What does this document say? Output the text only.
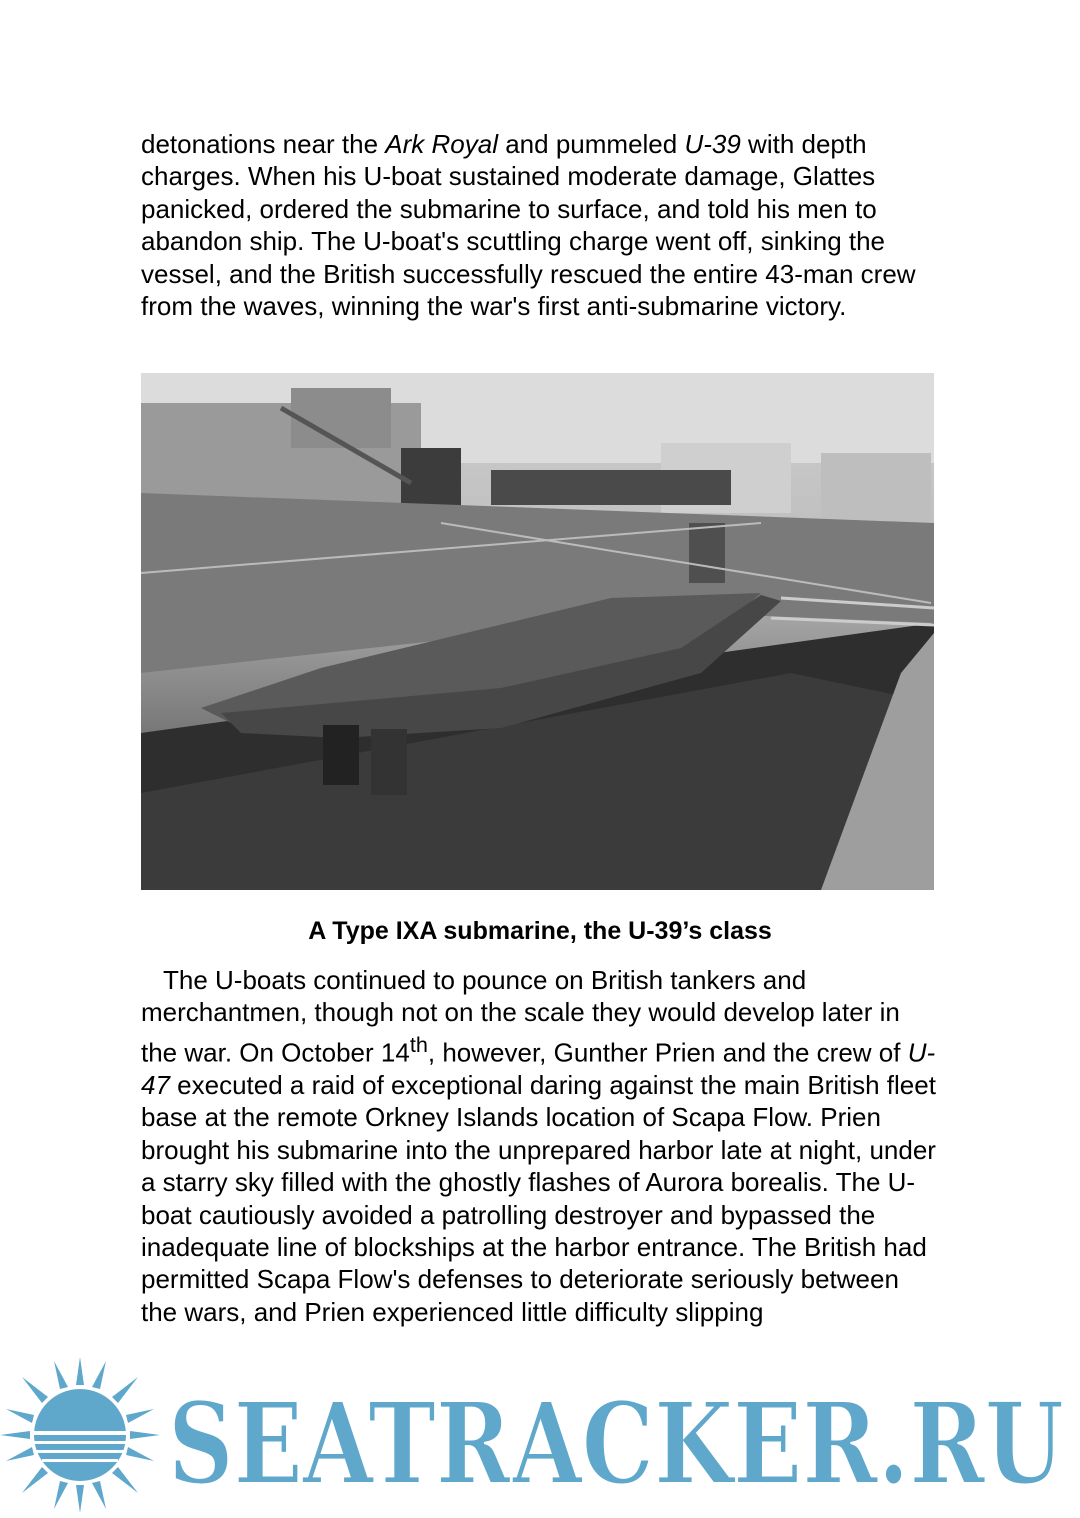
detonations near the Ark Royal and pummeled U-39 with depth charges. When his U-boat sustained moderate damage, Glattes panicked, ordered the submarine to surface, and told his men to abandon ship. The U-boat's scuttling charge went off, sinking the vessel, and the British successfully rescued the entire 43-man crew from the waves, winning the war's first anti-submarine victory.

A Type IXA submarine, the U-39’s class

The U-boats continued to pounce on British tankers and merchantmen, though not on the scale they would develop later in the war. On October 14th, however, Gunther Prien and the crew of U-47 executed a raid of exceptional daring against the main British fleet base at the remote Orkney Islands location of Scapa Flow. Prien brought his submarine into the unprepared harbor late at night, under a starry sky filled with the ghostly flashes of Aurora borealis. The U-boat cautiously avoided a patrolling destroyer and bypassed the inadequate line of blockships at the harbor entrance. The British had permitted Scapa Flow's defenses to deteriorate seriously between the wars, and Prien experienced little difficulty slipping

SEATRACKER.RU
